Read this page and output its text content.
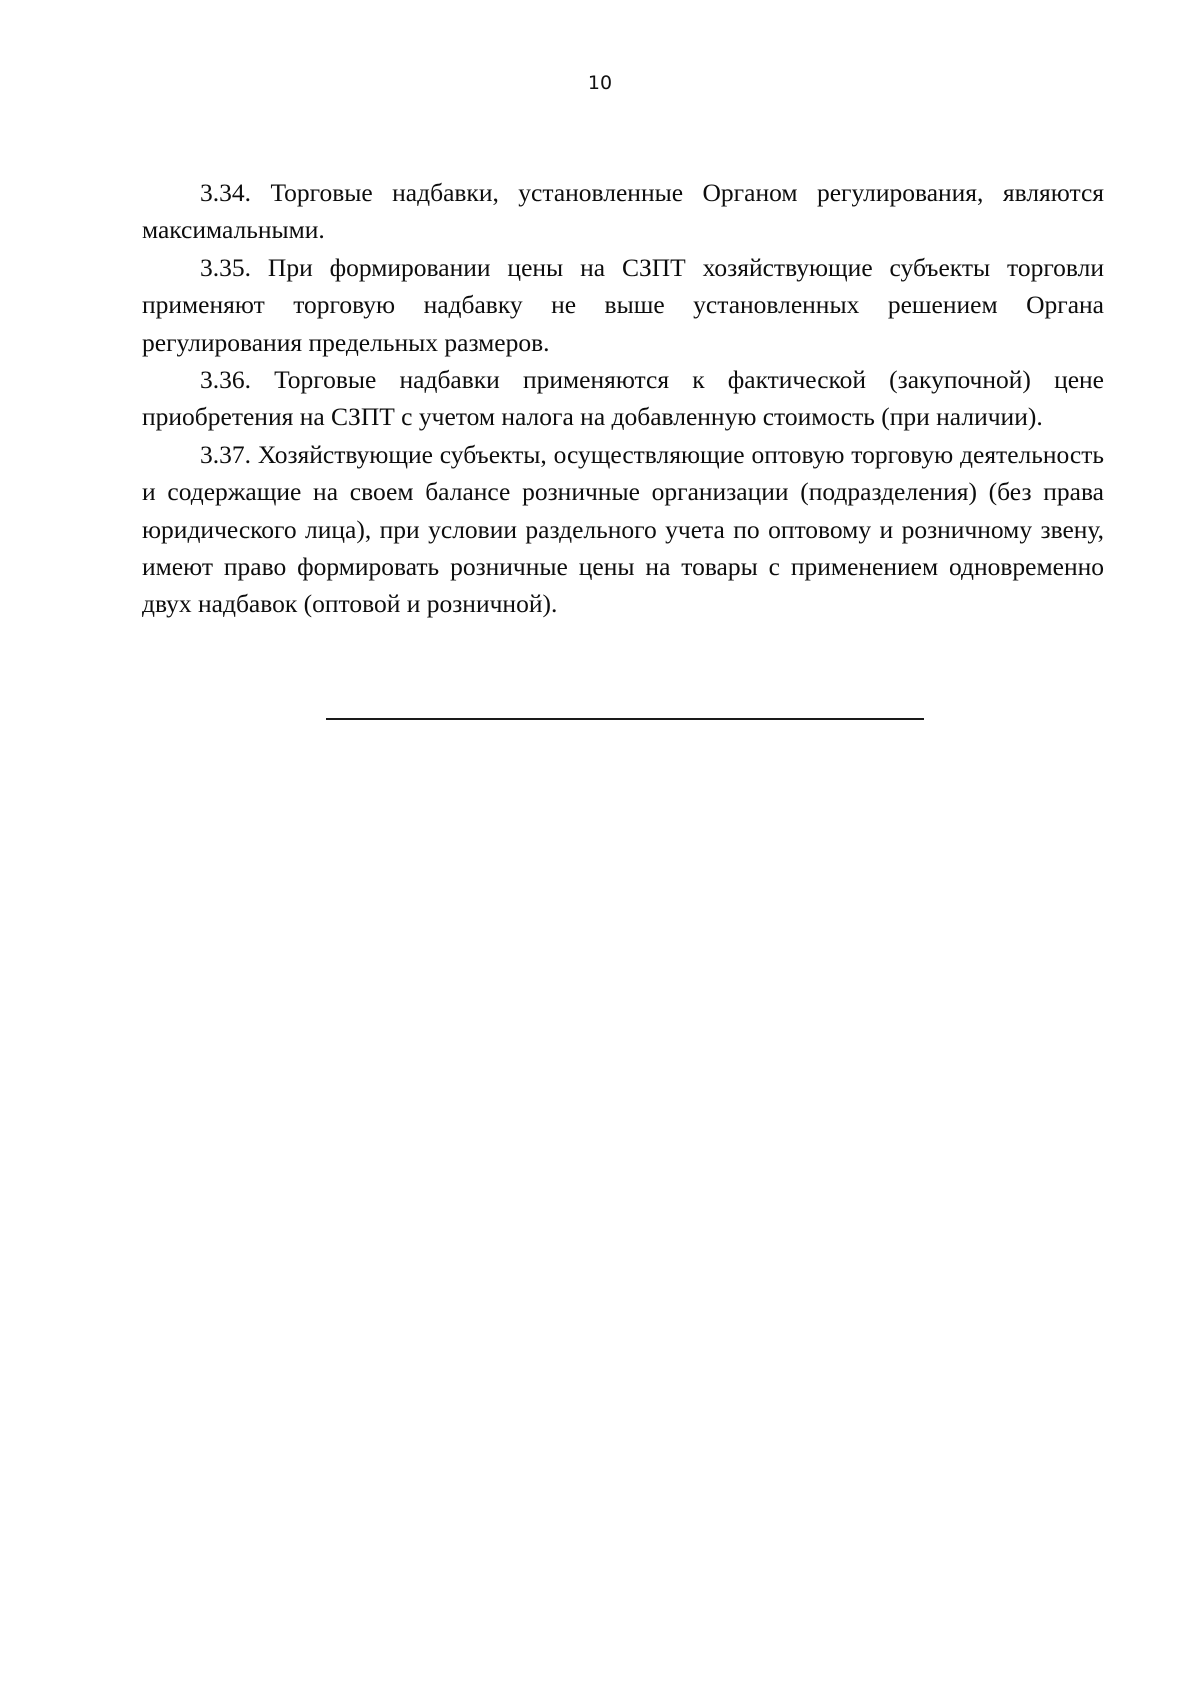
10

3.34. Торговые надбавки, установленные Органом регулирования, являются максимальными.

3.35. При формировании цены на СЗПТ хозяйствующие субъекты торговли применяют торговую надбавку не выше установленных решением Органа регулирования предельных размеров.

3.36. Торговые надбавки применяются к фактической (закупочной) цене приобретения на СЗПТ с учетом налога на добавленную стоимость (при наличии).

3.37. Хозяйствующие субъекты, осуществляющие оптовую торговую деятельность и содержащие на своем балансе розничные организации (подразделения) (без права юридического лица), при условии раздельного учета по оптовому и розничному звену, имеют право формировать розничные цены на товары с применением одновременно двух надбавок (оптовой и розничной).
